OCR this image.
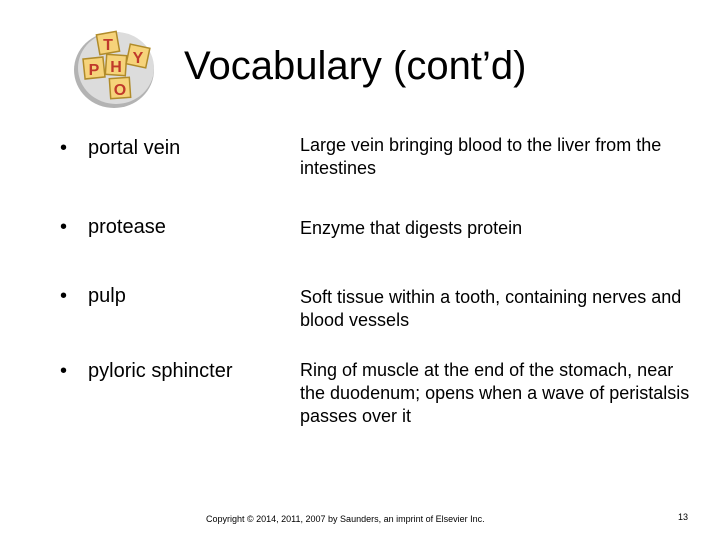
T
P H
Y
O
Vocabulary (cont’d)
• portal vein	Large vein bringing blood to the liver from the intestines
• protease	Enzyme that digests protein
• pulp	Soft tissue within a tooth, containing nerves and blood vessels
• pyloric sphincter	Ring of muscle at the end of the stomach, near the duodenum; opens when a wave of peristalsis passes over it
Copyright © 2014, 2011, 2007 by Saunders, an imprint of Elsevier Inc.	13
